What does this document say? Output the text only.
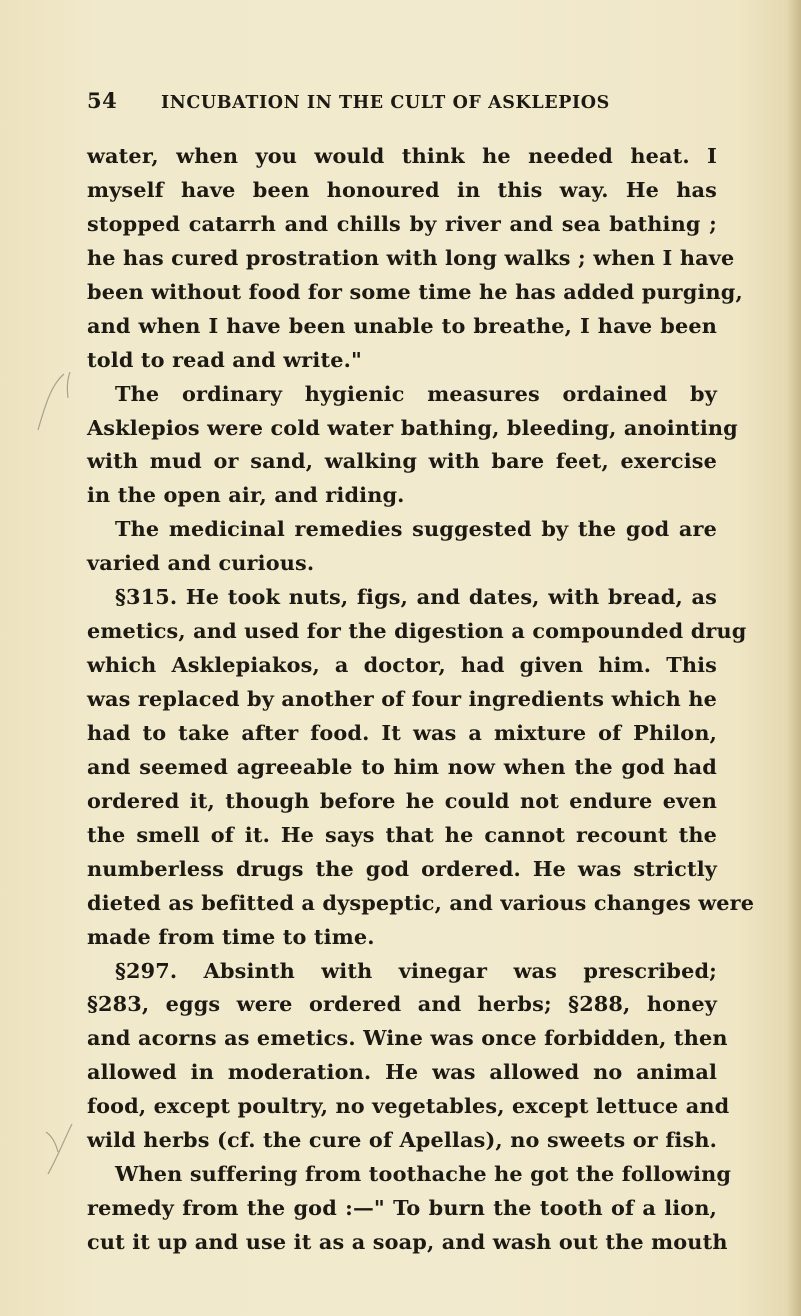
54	INCUBATION IN THE CULT OF ASKLEPIOS
water, when you would think he needed heat. I
myself have been honoured in this way. He has
stopped catarrh and chills by river and sea bathing ;
he has cured prostration with long walks ; when I have
been without food for some time he has added purging,
and when I have been unable to breathe, I have been
told to read and write."
The ordinary hygienic measures ordained by
Asklepios were cold water bathing, bleeding, anointing
with mud or sand, walking with bare feet, exercise
in the open air, and riding.
The medicinal remedies suggested by the god are
varied and curious.
§315. He took nuts, figs, and dates, with bread, as
emetics, and used for the digestion a compounded drug
which Asklepiakos, a doctor, had given him. This
was replaced by another of four ingredients which he
had to take after food. It was a mixture of Philon,
and seemed agreeable to him now when the god had
ordered it, though before he could not endure even
the smell of it. He says that he cannot recount the
numberless drugs the god ordered. He was strictly
dieted as befitted a dyspeptic, and various changes were
made from time to time.
§297. Absinth with vinegar was prescribed;
§283, eggs were ordered and herbs; §288, honey
and acorns as emetics. Wine was once forbidden, then
allowed in moderation. He was allowed no animal
food, except poultry, no vegetables, except lettuce and
wild herbs (cf. the cure of Apellas), no sweets or fish.
When suffering from toothache he got the following
remedy from the god :—" To burn the tooth of a lion,
cut it up and use it as a soap, and wash out the mouth
